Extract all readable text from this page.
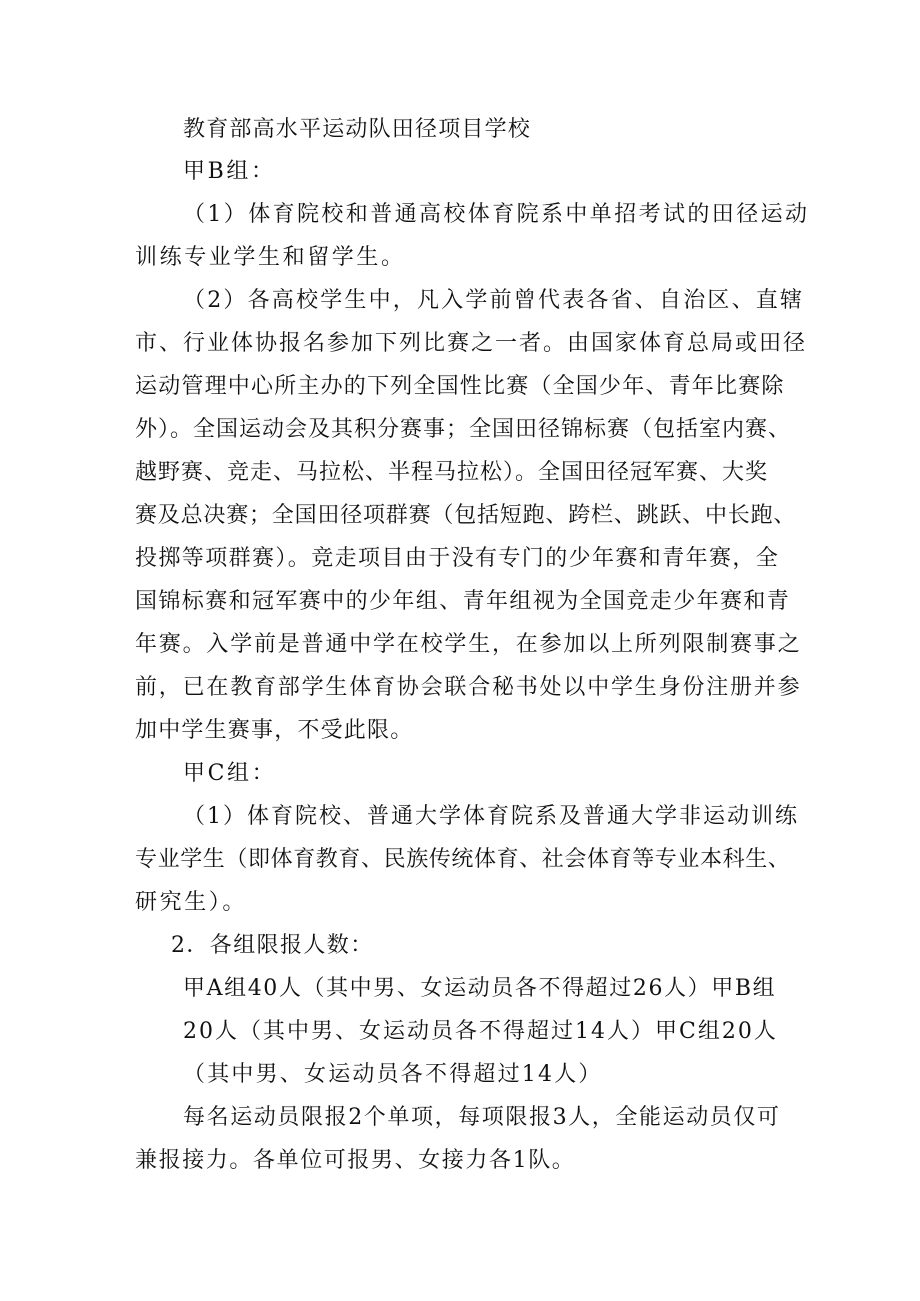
教育部高水平运动队田径项目学校
甲B组：
（1）体育院校和普通高校体育院系中单招考试的田径运动
训练专业学生和留学生。
（2）各高校学生中，凡入学前曾代表各省、自治区、直辖
市、行业体协报名参加下列比赛之一者。由国家体育总局或田径
运动管理中心所主办的下列全国性比赛（全国少年、青年比赛除
外）。全国运动会及其积分赛事；全国田径锦标赛（包括室内赛、
越野赛、竞走、马拉松、半程马拉松）。全国田径冠军赛、大奖
赛及总决赛；全国田径项群赛（包括短跑、跨栏、跳跃、中长跑、
投掷等项群赛）。竞走项目由于没有专门的少年赛和青年赛，全
国锦标赛和冠军赛中的少年组、青年组视为全国竞走少年赛和青
年赛。入学前是普通中学在校学生，在参加以上所列限制赛事之
前，已在教育部学生体育协会联合秘书处以中学生身份注册并参
加中学生赛事，不受此限。
甲C组：
（1）体育院校、普通大学体育院系及普通大学非运动训练
专业学生（即体育教育、民族传统体育、社会体育等专业本科生、
研究生）。
2．各组限报人数：
甲A组40人（其中男、女运动员各不得超过26人）甲B组
20人（其中男、女运动员各不得超过14人）甲C组20人
（其中男、女运动员各不得超过14人）
每名运动员限报2个单项，每项限报3人，全能运动员仅可
兼报接力。各单位可报男、女接力各1队。
